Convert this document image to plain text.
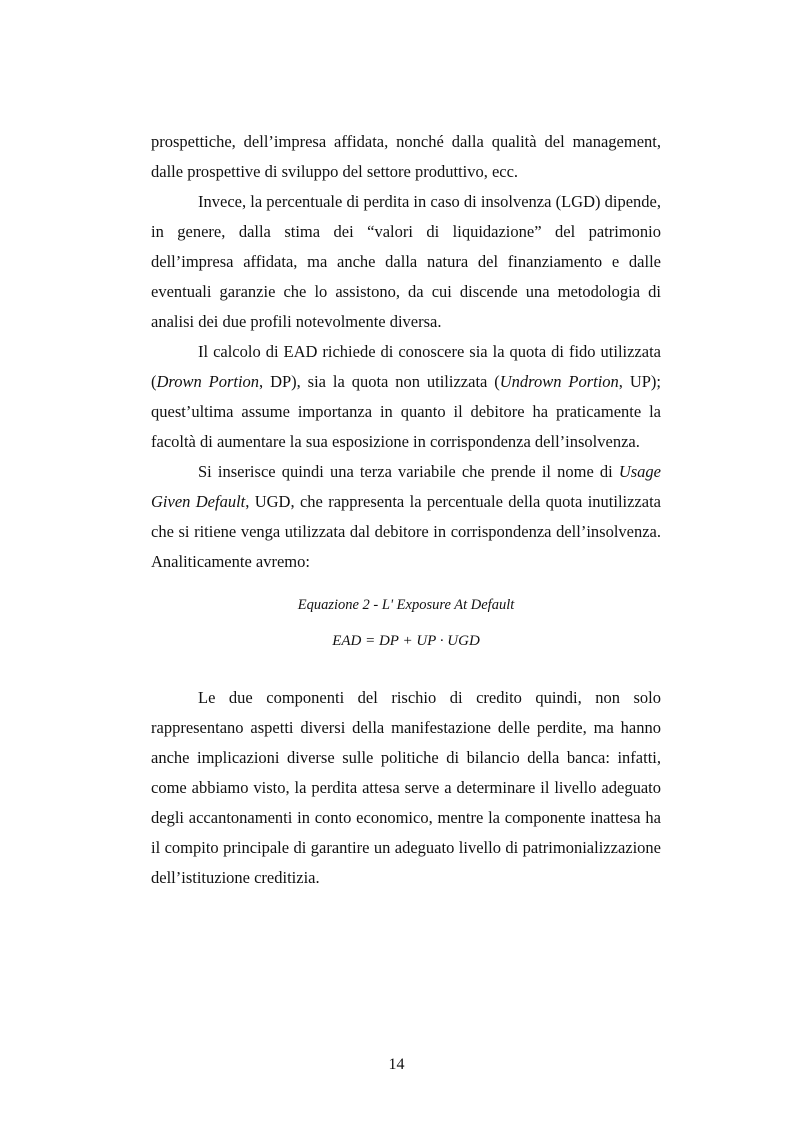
prospettiche, dell’impresa affidata, nonché dalla qualità del management, dalle prospettive di sviluppo del settore produttivo, ecc.

Invece, la percentuale di perdita in caso di insolvenza (LGD) dipende, in genere, dalla stima dei “valori di liquidazione” del patrimonio dell’impresa affidata, ma anche dalla natura del finanziamento e dalle eventuali garanzie che lo assistono, da cui discende una metodologia di analisi dei due profili notevolmente diversa.

Il calcolo di EAD richiede di conoscere sia la quota di fido utilizzata (Drown Portion, DP), sia la quota non utilizzata (Undrown Portion, UP); quest’ultima assume importanza in quanto il debitore ha praticamente la facoltà di aumentare la sua esposizione in corrispondenza dell’insolvenza.

Si inserisce quindi una terza variabile che prende il nome di Usage Given Default, UGD, che rappresenta la percentuale della quota inutilizzata che si ritiene venga utilizzata dal debitore in corrispondenza dell’insolvenza. Analiticamente avremo:

Equazione 2 - L' Exposure At Default
EAD = DP + UP · UGD

Le due componenti del rischio di credito quindi, non solo rappresentano aspetti diversi della manifestazione delle perdite, ma hanno anche implicazioni diverse sulle politiche di bilancio della banca: infatti, come abbiamo visto, la perdita attesa serve a determinare il livello adeguato degli accantonamenti in conto economico, mentre la componente inattesa ha il compito principale di garantire un adeguato livello di patrimonializzazione dell’istituzione creditizia.

14
